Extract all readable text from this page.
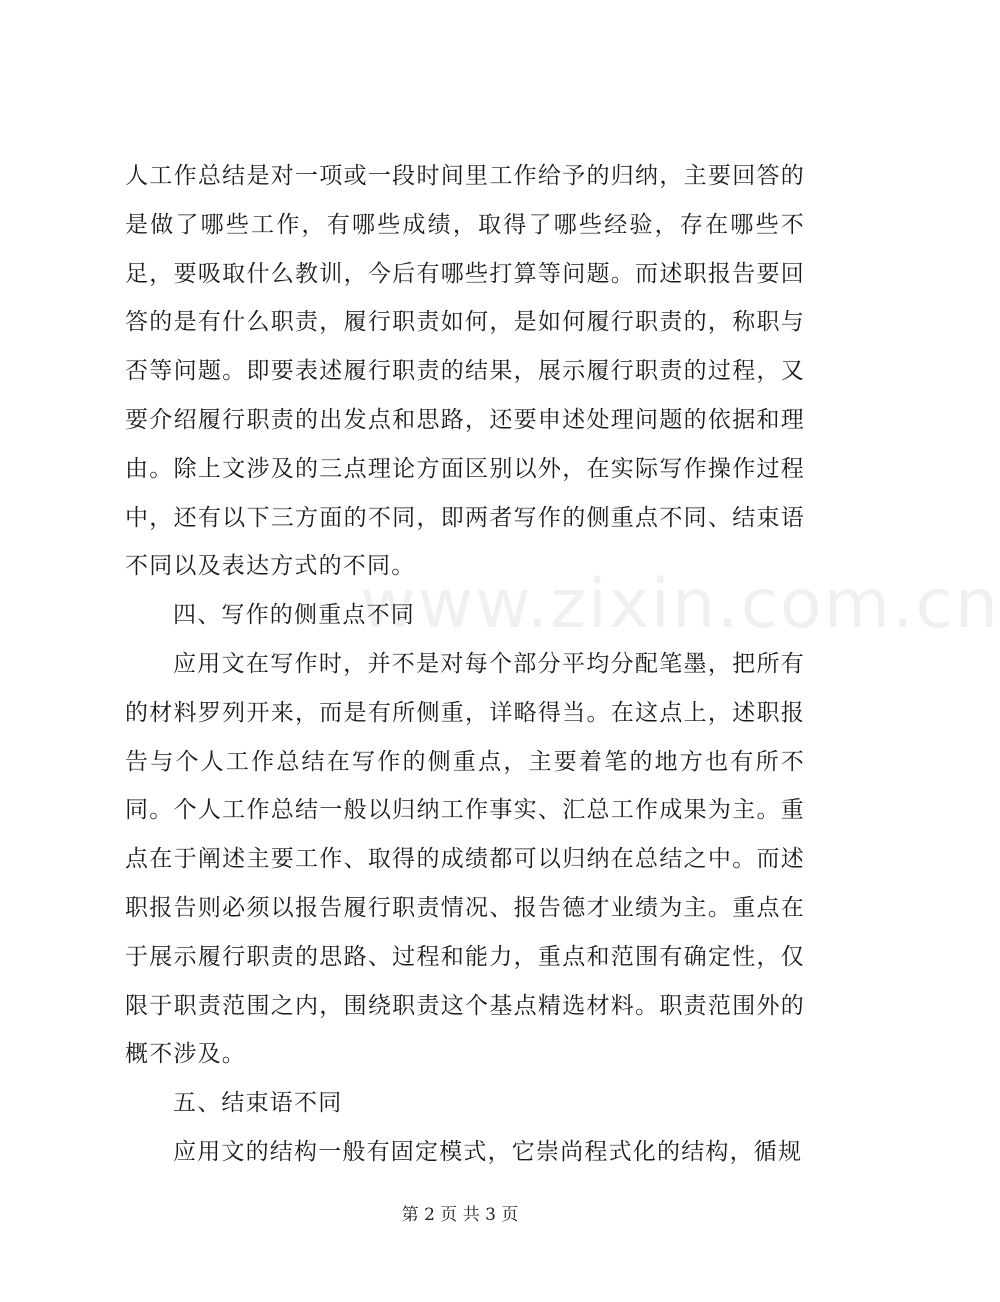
www.zixin.com.cn

人工作总结是对一项或一段时间里工作给予的归纳，主要回答的是做了哪些工作，有哪些成绩，取得了哪些经验，存在哪些不足，要吸取什么教训，今后有哪些打算等问题。而述职报告要回答的是有什么职责，履行职责如何，是如何履行职责的，称职与否等问题。即要表述履行职责的结果，展示履行职责的过程，又要介绍履行职责的出发点和思路，还要申述处理问题的依据和理由。除上文涉及的三点理论方面区别以外，在实际写作操作过程中，还有以下三方面的不同，即两者写作的侧重点不同、结束语不同以及表达方式的不同。

四、写作的侧重点不同

应用文在写作时，并不是对每个部分平均分配笔墨，把所有的材料罗列开来，而是有所侧重，详略得当。在这点上，述职报告与个人工作总结在写作的侧重点，主要着笔的地方也有所不同。个人工作总结一般以归纳工作事实、汇总工作成果为主。重点在于阐述主要工作、取得的成绩都可以归纳在总结之中。而述职报告则必须以报告履行职责情况、报告德才业绩为主。重点在于展示履行职责的思路、过程和能力，重点和范围有确定性，仅限于职责范围之内，围绕职责这个基点精选材料。职责范围外的概不涉及。

五、结束语不同

应用文的结构一般有固定模式，它崇尚程式化的结构，循规

第 2 页 共 3 页
